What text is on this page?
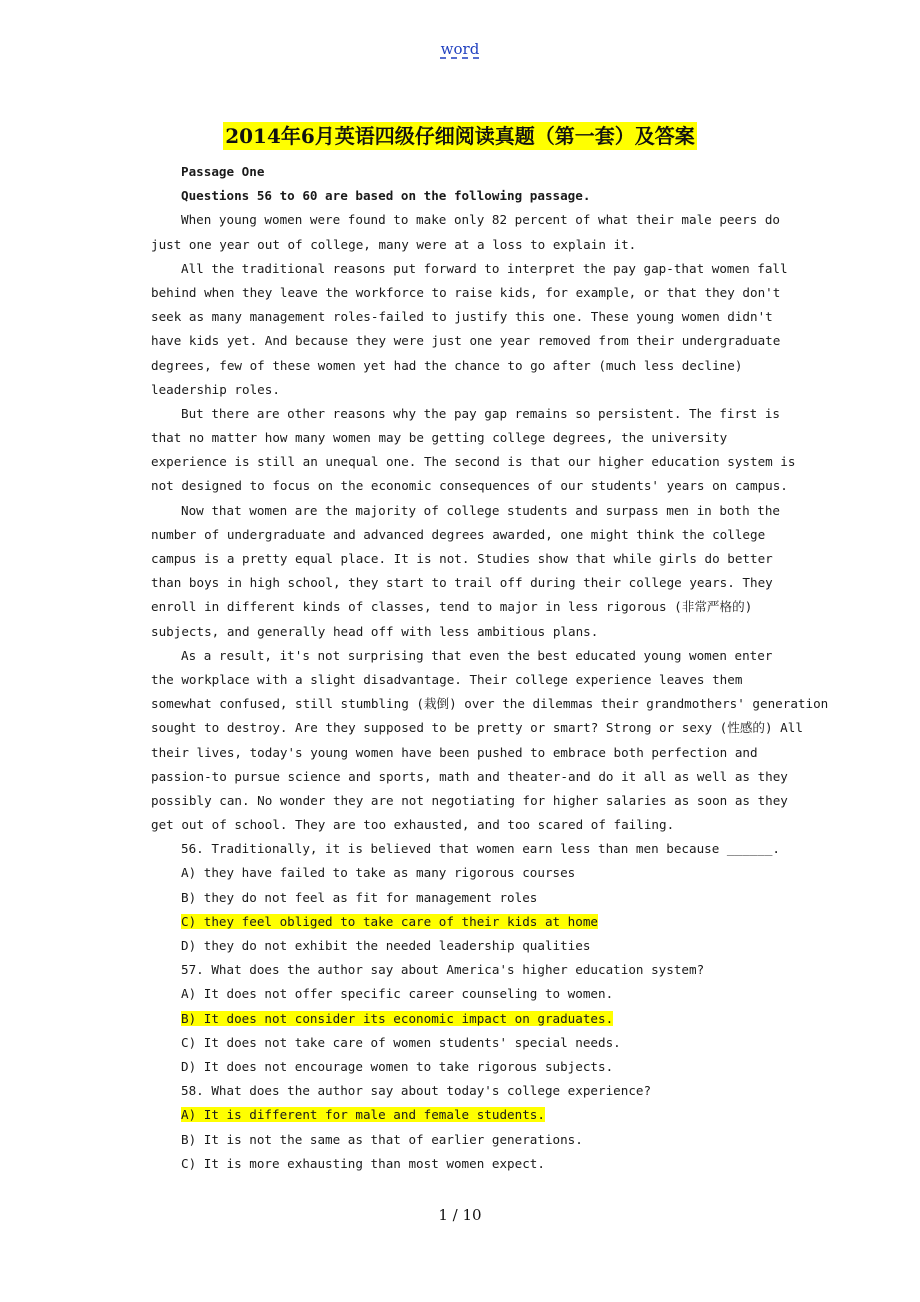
word
2014年6月英语四级仔细阅读真题（第一套）及答案
Passage One
Questions 56 to 60 are based on the following passage.
When young women were found to make only 82 percent of what their male peers do
just one year out of college, many were at a loss to explain it.
All the traditional reasons put forward to interpret the pay gap-that women fall
behind when they leave the workforce to raise kids, for example, or that they don't
seek as many management roles-failed to justify this one. These young women didn't
have kids yet. And because they were just one year removed from their undergraduate
degrees, few of these women yet had the chance to go after (much less decline)
leadership roles.
But there are other reasons why the pay gap remains so persistent. The first is
that no matter how many women may be getting college degrees, the university
experience is still an unequal one. The second is that our higher education system is
not designed to focus on the economic consequences of our students' years on campus.
Now that women are the majority of college students and surpass men in both the
number of undergraduate and advanced degrees awarded, one might think the college
campus is a pretty equal place. It is not. Studies show that while girls do better
than boys in high school, they start to trail off during their college years. They
enroll in different kinds of classes, tend to major in less rigorous (非常严格的)
subjects, and generally head off with less ambitious plans.
As a result, it's not surprising that even the best educated young women enter
the workplace with a slight disadvantage. Their college experience leaves them
somewhat confused, still stumbling (栽倒) over the dilemmas their grandmothers' generation
sought to destroy. Are they supposed to be pretty or smart? Strong or sexy (性感的) All
their lives, today's young women have been pushed to embrace both perfection and
passion-to pursue science and sports, math and theater-and do it all as well as they
possibly can. No wonder they are not negotiating for higher salaries as soon as they
get out of school. They are too exhausted, and too scared of failing.
56. Traditionally, it is believed that women earn less than men because ______.
A) they have failed to take as many rigorous courses
B) they do not feel as fit for management roles
C) they feel obliged to take care of their kids at home
D) they do not exhibit the needed leadership qualities
57. What does the author say about America's higher education system?
A) It does not offer specific career counseling to women.
B) It does not consider its economic impact on graduates.
C) It does not take care of women students' special needs.
D) It does not encourage women to take rigorous subjects.
58. What does the author say about today's college experience?
A) It is different for male and female students.
B) It is not the same as that of earlier generations.
C) It is more exhausting than most women expect.
1 / 10
